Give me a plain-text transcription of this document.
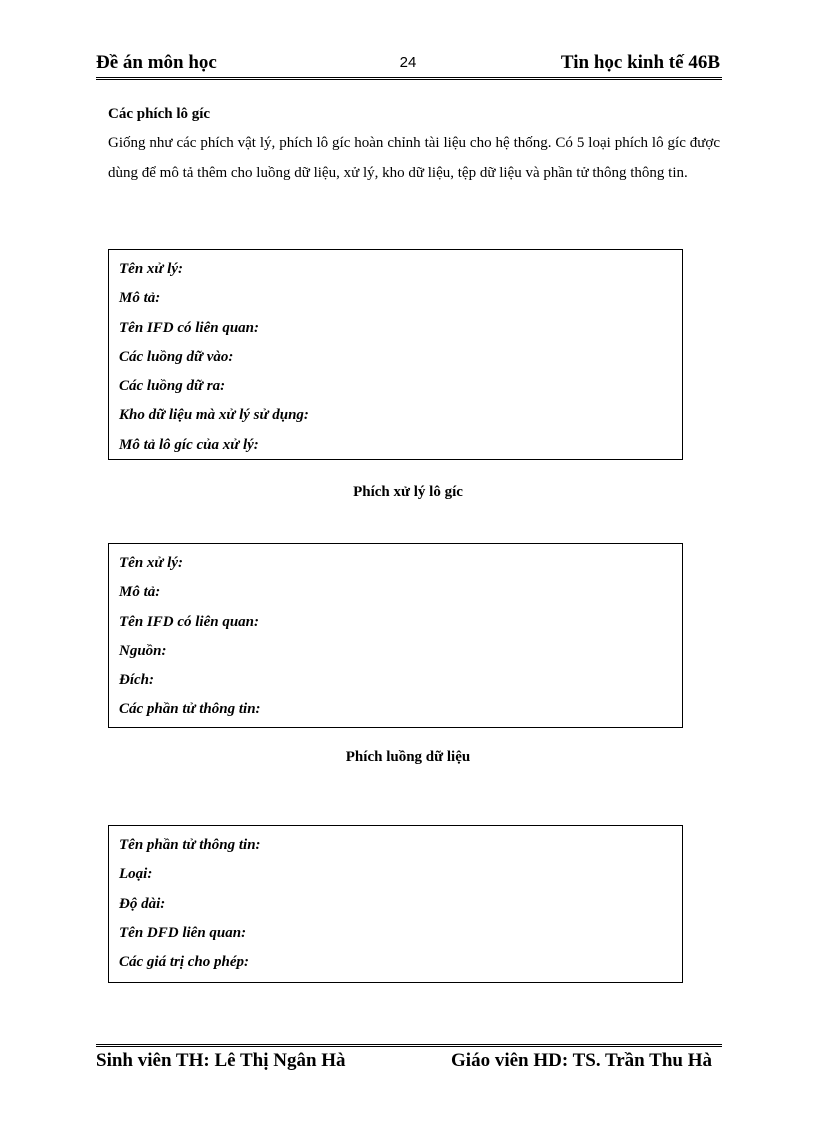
Đề án môn học	24	Tin học kinh tế 46B
Các phích lô gíc

Giống như các phích vật lý, phích lô gíc hoàn chỉnh tài liệu cho hệ thống. Có 5 loại phích lô gíc được dùng để mô tả thêm cho luồng dữ liệu, xử lý, kho dữ liệu, tệp dữ liệu và phần tử thông thông tin.

Tên xử lý:
Mô tả:
Tên IFD có liên quan:
Các luồng dữ vào:
Các luồng dữ ra:
Kho dữ liệu mà xử lý sử dụng:
Mô tả lô gíc của xử lý:
Phích xử lý lô gíc
Tên xử lý:
Mô tả:
Tên IFD có liên quan:
Nguồn:
Đích:
Các phần tử thông tin:
Phích luồng dữ liệu
Tên phần tử thông tin:
Loại:
Độ dài:
Tên DFD liên quan:
Các giá trị cho phép:
Sinh viên TH: Lê Thị Ngân Hà	Giáo viên HD: TS. Trần Thu Hà
